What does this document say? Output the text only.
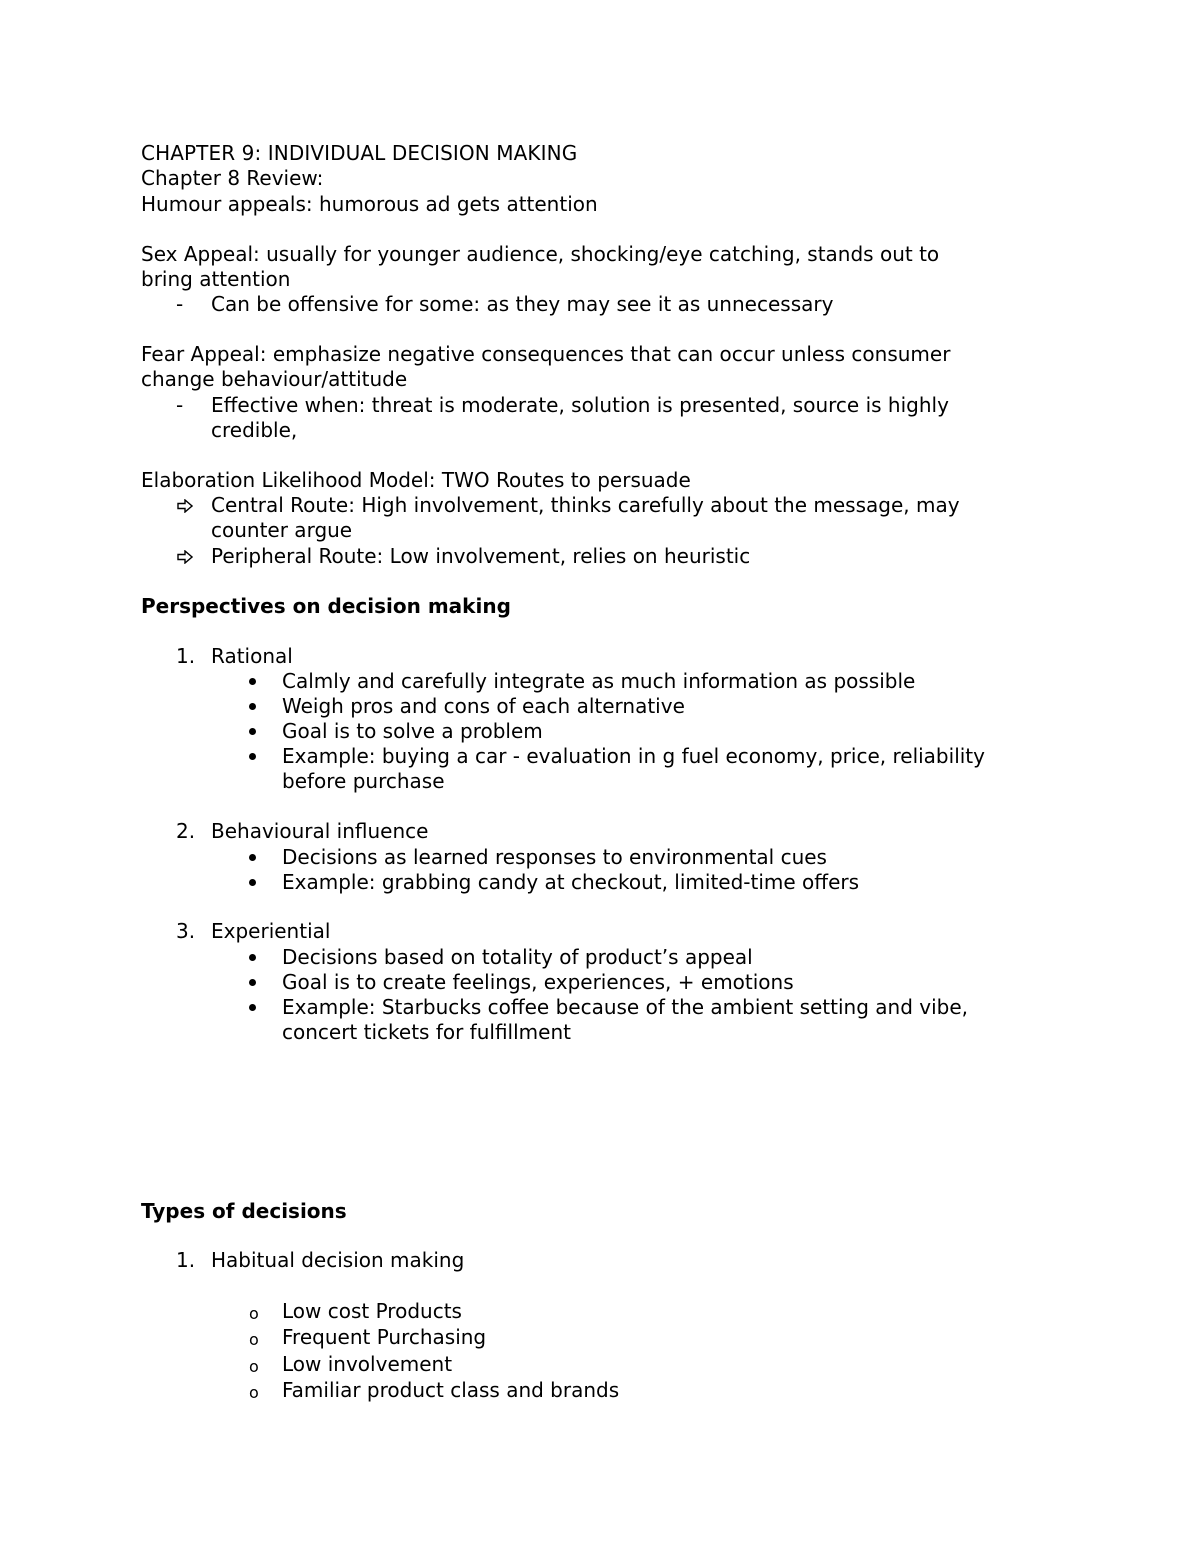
CHAPTER 9: INDIVIDUAL DECISION MAKING

Chapter 8 Review:

Humour appeals: humorous ad gets attention

Sex Appeal: usually for younger audience, shocking/eye catching, stands out to

bring attention

- Can be offensive for some: as they may see it as unnecessary

Fear Appeal: emphasize negative consequences that can occur unless consumer

change behaviour/attitude

- Effective when: threat is moderate, solution is presented, source is highly

credible,

Elaboration Likelihood Model: TWO Routes to persuade

Central Route: High involvement, thinks carefully about the message, may

counter argue

Peripheral Route: Low involvement, relies on heuristic

Perspectives on decision making

1. Rational

Calmly and carefully integrate as much information as possible

Weigh pros and cons of each alternative

Goal is to solve a problem

Example: buying a car - evaluation in g fuel economy, price, reliability

before purchase

2. Behavioural influence

Decisions as learned responses to environmental cues

Example: grabbing candy at checkout, limited-time offers

3. Experiential

Decisions based on totality of product’s appeal

Goal is to create feelings, experiences, + emotions

Example: Starbucks coffee because of the ambient setting and vibe,

concert tickets for fulfillment

Types of decisions

1. Habitual decision making

o Low cost Products

o Frequent Purchasing

o Low involvement

o Familiar product class and brands
